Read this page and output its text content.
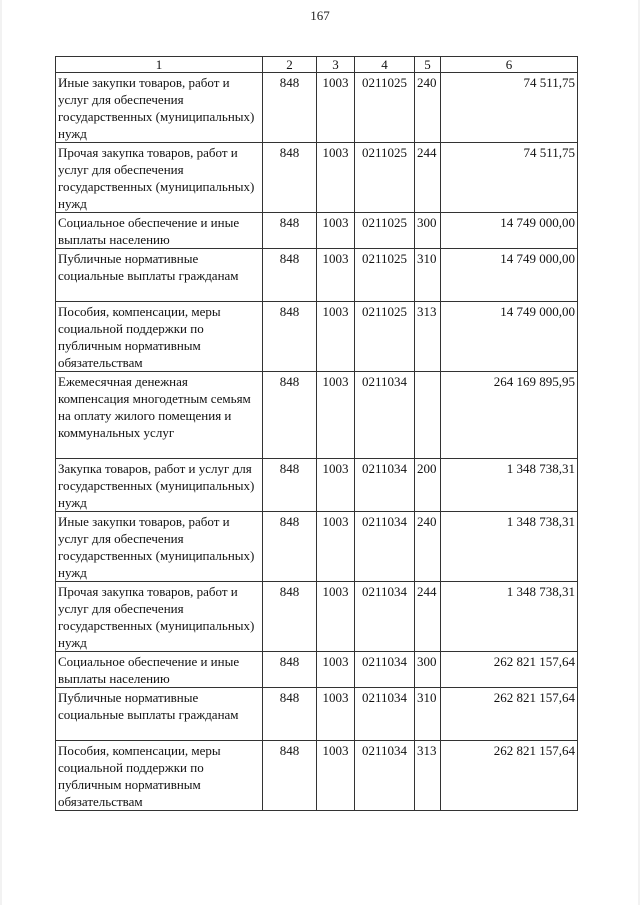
167
1	2	3	4	5	6
Иные закупки товаров, работ и услуг для обеспечения государственных (муниципальных) нужд	848	1003	0211025	240	74 511,75
Прочая закупка товаров, работ и услуг для обеспечения государственных (муниципальных) нужд	848	1003	0211025	244	74 511,75
Социальное обеспечение и иные выплаты населению	848	1003	0211025	300	14 749 000,00
Публичные нормативные социальные выплаты гражданам	848	1003	0211025	310	14 749 000,00
Пособия, компенсации, меры социальной поддержки по публичным нормативным обязательствам	848	1003	0211025	313	14 749 000,00
Ежемесячная денежная компенсация многодетным семьям на оплату жилого помещения и коммунальных услуг	848	1003	0211034		264 169 895,95
Закупка товаров, работ и услуг для государственных (муниципальных) нужд	848	1003	0211034	200	1 348 738,31
Иные закупки товаров, работ и услуг для обеспечения государственных (муниципальных) нужд	848	1003	0211034	240	1 348 738,31
Прочая закупка товаров, работ и услуг для обеспечения государственных (муниципальных) нужд	848	1003	0211034	244	1 348 738,31
Социальное обеспечение и иные выплаты населению	848	1003	0211034	300	262 821 157,64
Публичные нормативные социальные выплаты гражданам	848	1003	0211034	310	262 821 157,64
Пособия, компенсации, меры социальной поддержки по публичным нормативным обязательствам	848	1003	0211034	313	262 821 157,64
